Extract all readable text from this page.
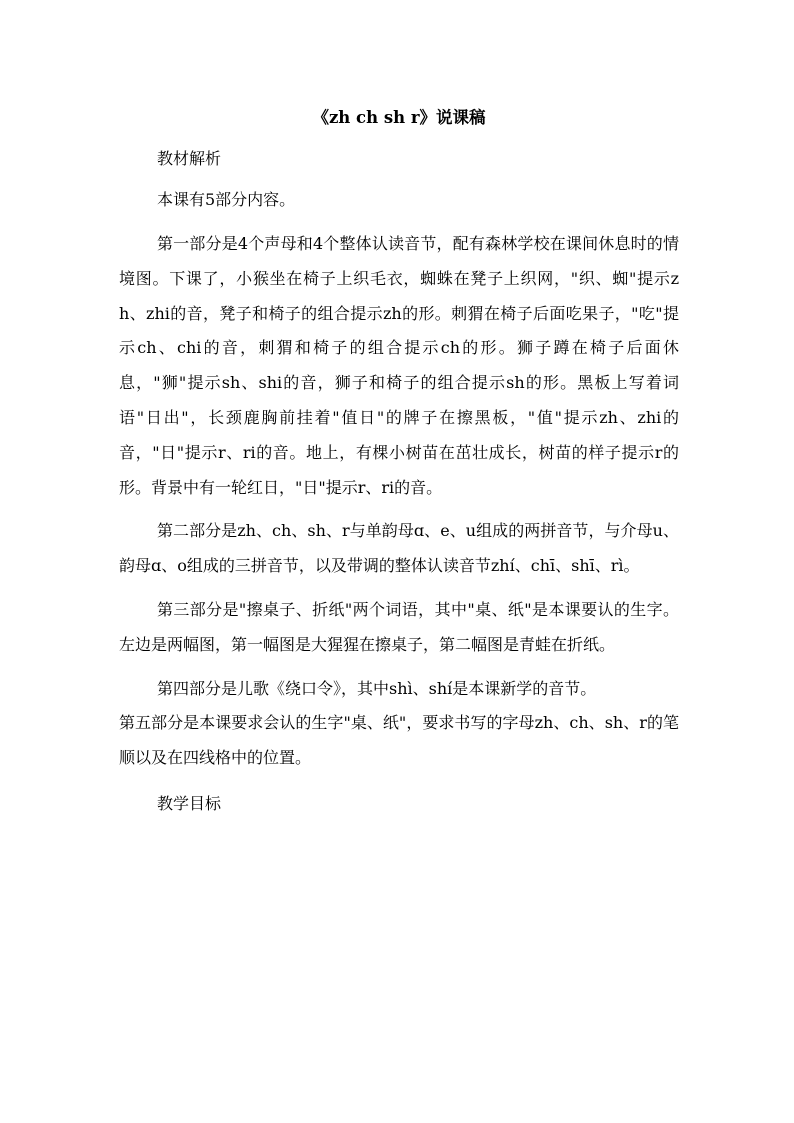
《zh ch sh r》说课稿
教材解析
本课有5部分内容。

第一部分是4个声母和4个整体认读音节，配有森林学校在课间休息时的情境图。下课了，小猴坐在椅子上织毛衣，蜘蛛在凳子上织网，"织、蜘"提示zh、zhi的音，凳子和椅子的组合提示zh的形。刺猬在椅子后面吃果子，"吃"提示ch、chi的音，刺猬和椅子的组合提示ch的形。狮子蹲在椅子后面休息，"狮"提示sh、shi的音，狮子和椅子的组合提示sh的形。黑板上写着词语"日出"，长颈鹿胸前挂着"值日"的牌子在擦黑板，"值"提示zh、zhi的音，"日"提示r、ri的音。地上，有棵小树苗在茁壮成长，树苗的样子提示r的形。背景中有一轮红日，"日"提示r、ri的音。

第二部分是zh、ch、sh、r与单韵母ɑ、e、u组成的两拼音节，与介母u、韵母ɑ、o组成的三拼音节，以及带调的整体认读音节zhí、chī、shī、rì。

第三部分是"擦桌子、折纸"两个词语，其中"桌、纸"是本课要认的生字。左边是两幅图，第一幅图是大猩猩在擦桌子，第二幅图是青蛙在折纸。

第四部分是儿歌《绕口令》，其中shì、shí是本课新学的音节。

第五部分是本课要求会认的生字"桌、纸"，要求书写的字母zh、ch、sh、r的笔顺以及在四线格中的位置。

教学目标
